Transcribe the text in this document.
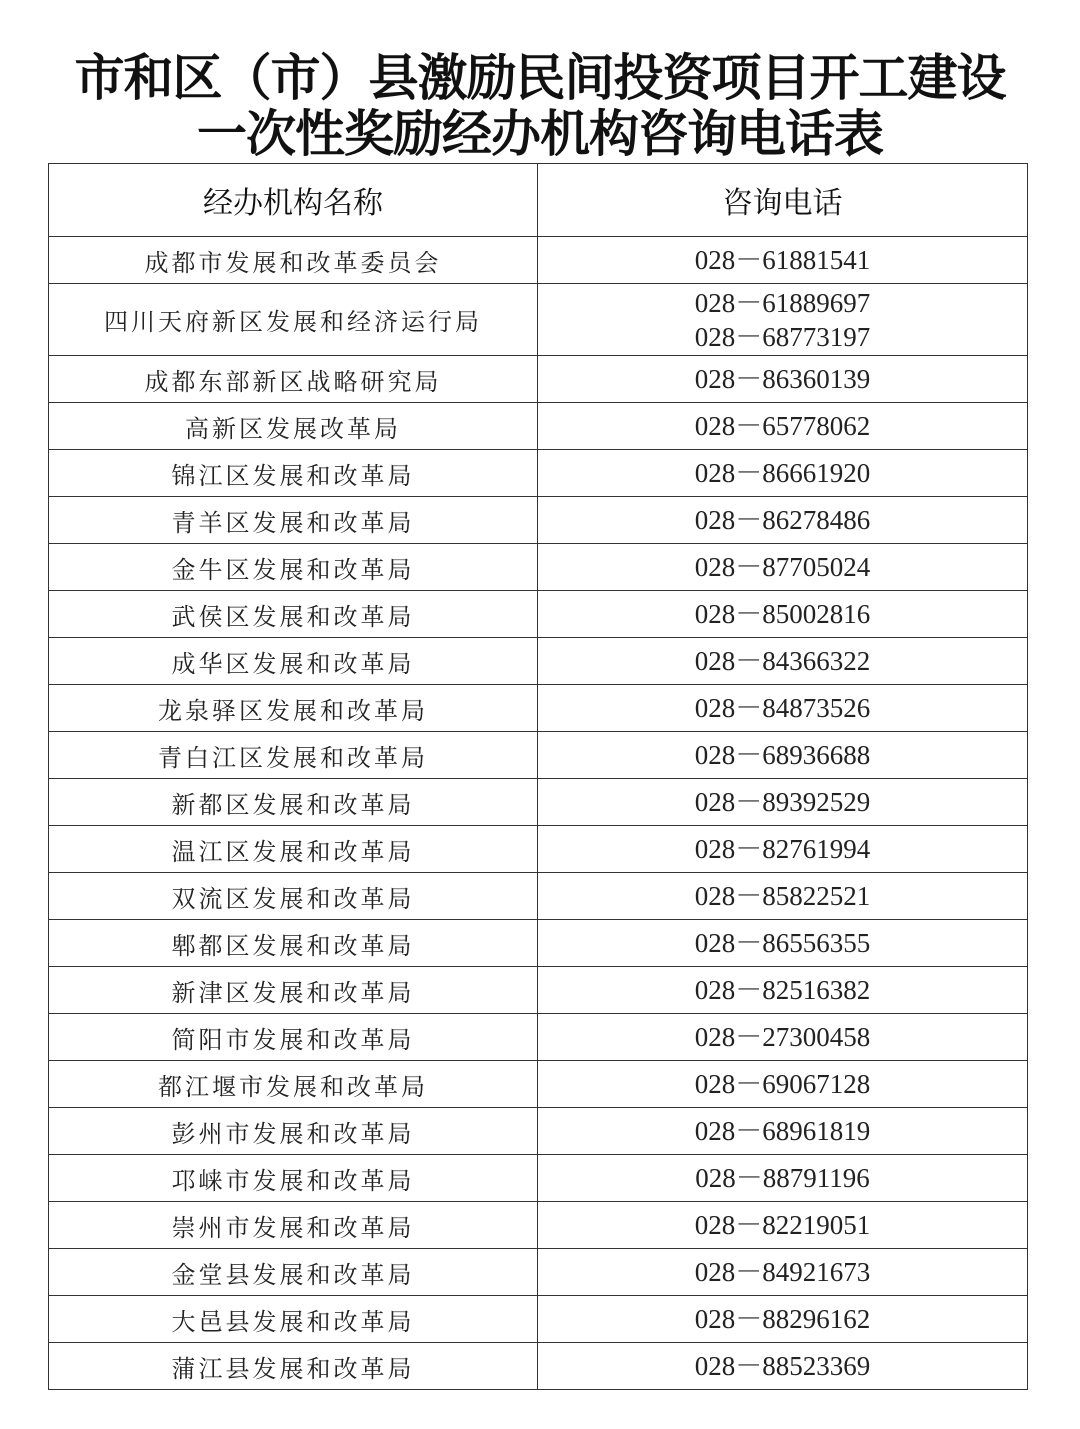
市和区（市）县激励民间投资项目开工建设
一次性奖励经办机构咨询电话表
经办机构名称	咨询电话
成都市发展和改革委员会	028－61881541

四川天府新区发展和经济运行局	028－61889697
028－68773197

成都东部新区战略研究局	028－86360139

高新区发展改革局	028－65778062

锦江区发展和改革局	028－86661920

青羊区发展和改革局	028－86278486

金牛区发展和改革局	028－87705024

武侯区发展和改革局	028－85002816

成华区发展和改革局	028－84366322

龙泉驿区发展和改革局	028－84873526

青白江区发展和改革局	028－68936688

新都区发展和改革局	028－89392529

温江区发展和改革局	028－82761994

双流区发展和改革局	028－85822521

郫都区发展和改革局	028－86556355

新津区发展和改革局	028－82516382

简阳市发展和改革局	028－27300458

都江堰市发展和改革局	028－69067128

彭州市发展和改革局	028－68961819

邛崃市发展和改革局	028－88791196

崇州市发展和改革局	028－82219051

金堂县发展和改革局	028－84921673

大邑县发展和改革局	028－88296162

蒲江县发展和改革局	028－88523369
